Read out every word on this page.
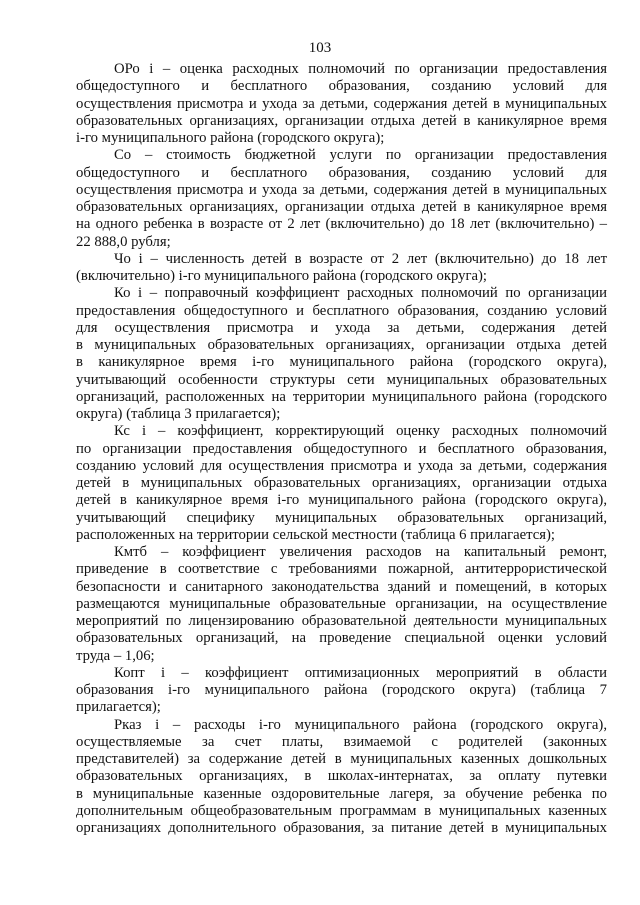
103
ОРо i – оценка расходных полномочий по организации предоставления
общедоступного и бесплатного образования, созданию условий для
осуществления присмотра и ухода за детьми, содержания детей в муниципальных
образовательных организациях, организации отдыха детей в каникулярное время
i-го муниципального района (городского округа);
Со – стоимость бюджетной услуги по организации предоставления
общедоступного и бесплатного образования, созданию условий для
осуществления присмотра и ухода за детьми, содержания детей в муниципальных
образовательных организациях, организации отдыха детей в каникулярное время
на одного ребенка в возрасте от 2 лет (включительно) до 18 лет (включительно) –
22 888,0 рубля;
Чо i – численность детей в возрасте от 2 лет (включительно) до 18 лет
(включительно) i-го муниципального района (городского округа);
Ко i – поправочный коэффициент расходных полномочий по организации
предоставления общедоступного и бесплатного образования, созданию условий
для осуществления присмотра и ухода за детьми, содержания детей
в муниципальных образовательных организациях, организации отдыха детей
в каникулярное время i-го муниципального района (городского округа),
учитывающий особенности структуры сети муниципальных образовательных
организаций, расположенных на территории муниципального района (городского
округа) (таблица 3 прилагается);
Кс i – коэффициент, корректирующий оценку расходных полномочий
по организации предоставления общедоступного и бесплатного образования,
созданию условий для осуществления присмотра и ухода за детьми, содержания
детей в муниципальных образовательных организациях, организации отдыха
детей в каникулярное время i-го муниципального района (городского округа),
учитывающий специфику муниципальных образовательных организаций,
расположенных на территории сельской местности (таблица 6 прилагается);
Кмтб – коэффициент увеличения расходов на капитальный ремонт,
приведение в соответствие с требованиями пожарной, антитеррористической
безопасности и санитарного законодательства зданий и помещений, в которых
размещаются муниципальные образовательные организации, на осуществление
мероприятий по лицензированию образовательной деятельности муниципальных
образовательных организаций, на проведение специальной оценки условий
труда – 1,06;
Копт i – коэффициент оптимизационных мероприятий в области
образования i-го муниципального района (городского округа) (таблица 7
прилагается);
Рказ i – расходы i-го муниципального района (городского округа),
осуществляемые за счет платы, взимаемой с родителей (законных
представителей) за содержание детей в муниципальных казенных дошкольных
образовательных организациях, в школах-интернатах, за оплату путевки
в муниципальные казенные оздоровительные лагеря, за обучение ребенка по
дополнительным общеобразовательным программам в муниципальных казенных
организациях дополнительного образования, за питание детей в муниципальных
